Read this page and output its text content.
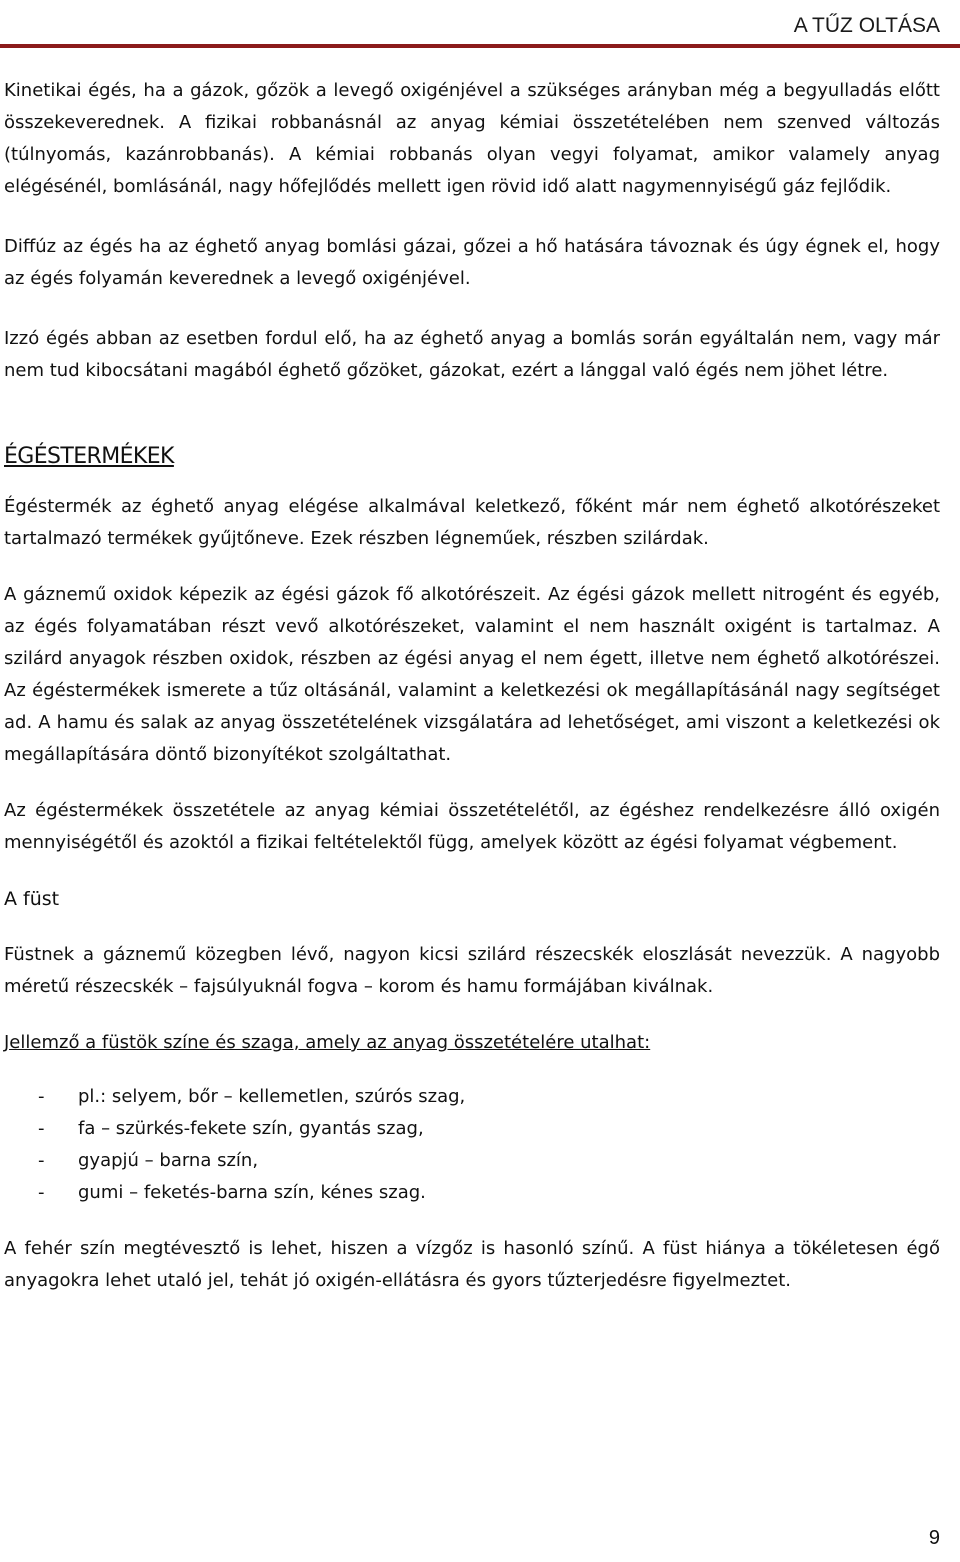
A TŰZ OLTÁSA

Kinetikai égés, ha a gázok, gőzök a levegő oxigénjével a szükséges arányban még a begyulladás előtt összekeverednek. A fizikai robbanásnál az anyag kémiai összetételében nem szenved változás (túlnyomás, kazánrobbanás). A kémiai robbanás olyan vegyi folyamat, amikor valamely anyag elégésénél, bomlásánál, nagy hőfejlődés mellett igen rövid idő alatt nagymennyiségű gáz fejlődik.

Diffúz az égés ha az éghető anyag bomlási gázai, gőzei a hő hatására távoznak és úgy égnek el, hogy az égés folyamán keverednek a levegő oxigénjével.

Izzó égés abban az esetben fordul elő, ha az éghető anyag a bomlás során egyáltalán nem, vagy már nem tud kibocsátani magából éghető gőzöket, gázokat, ezért a lánggal való égés nem jöhet létre.

ÉGÉSTERMÉKEK

Égéstermék az éghető anyag elégése alkalmával keletkező, főként már nem éghető alkotórészeket tartalmazó termékek gyűjtőneve. Ezek részben légneműek, részben szilárdak.

A gáznemű oxidok képezik az égési gázok fő alkotórészeit. Az égési gázok mellett nitrogént és egyéb, az égés folyamatában részt vevő alkotórészeket, valamint el nem használt oxigént is tartalmaz. A szilárd anyagok részben oxidok, részben az égési anyag el nem égett, illetve nem éghető alkotórészei. Az égéstermékek ismerete a tűz oltásánál, valamint a keletkezési ok megállapításánál nagy segítséget ad. A hamu és salak az anyag összetételének vizsgálatára ad lehetőséget, ami viszont a keletkezési ok megállapítására döntő bizonyítékot szolgáltathat.

Az égéstermékek összetétele az anyag kémiai összetételétől, az égéshez rendelkezésre álló oxigén mennyiségétől és azoktól a fizikai feltételektől függ, amelyek között az égési folyamat végbement.

A füst

Füstnek a gáznemű közegben lévő, nagyon kicsi szilárd részecskék eloszlását nevezzük. A nagyobb méretű részecskék – fajsúlyuknál fogva – korom és hamu formájában kiválnak.

Jellemző a füstök színe és szaga, amely az anyag összetételére utalhat:

-	pl.: selyem, bőr – kellemetlen, szúrós szag,
-	fa – szürkés-fekete szín, gyantás szag,
-	gyapjú – barna szín,
-	gumi – feketés-barna szín, kénes szag.

A fehér szín megtévesztő is lehet, hiszen a vízgőz is hasonló színű. A füst hiánya a tökéletesen égő anyagokra lehet utaló jel, tehát jó oxigén-ellátásra és gyors tűzterjedésre figyelmeztet.

9
